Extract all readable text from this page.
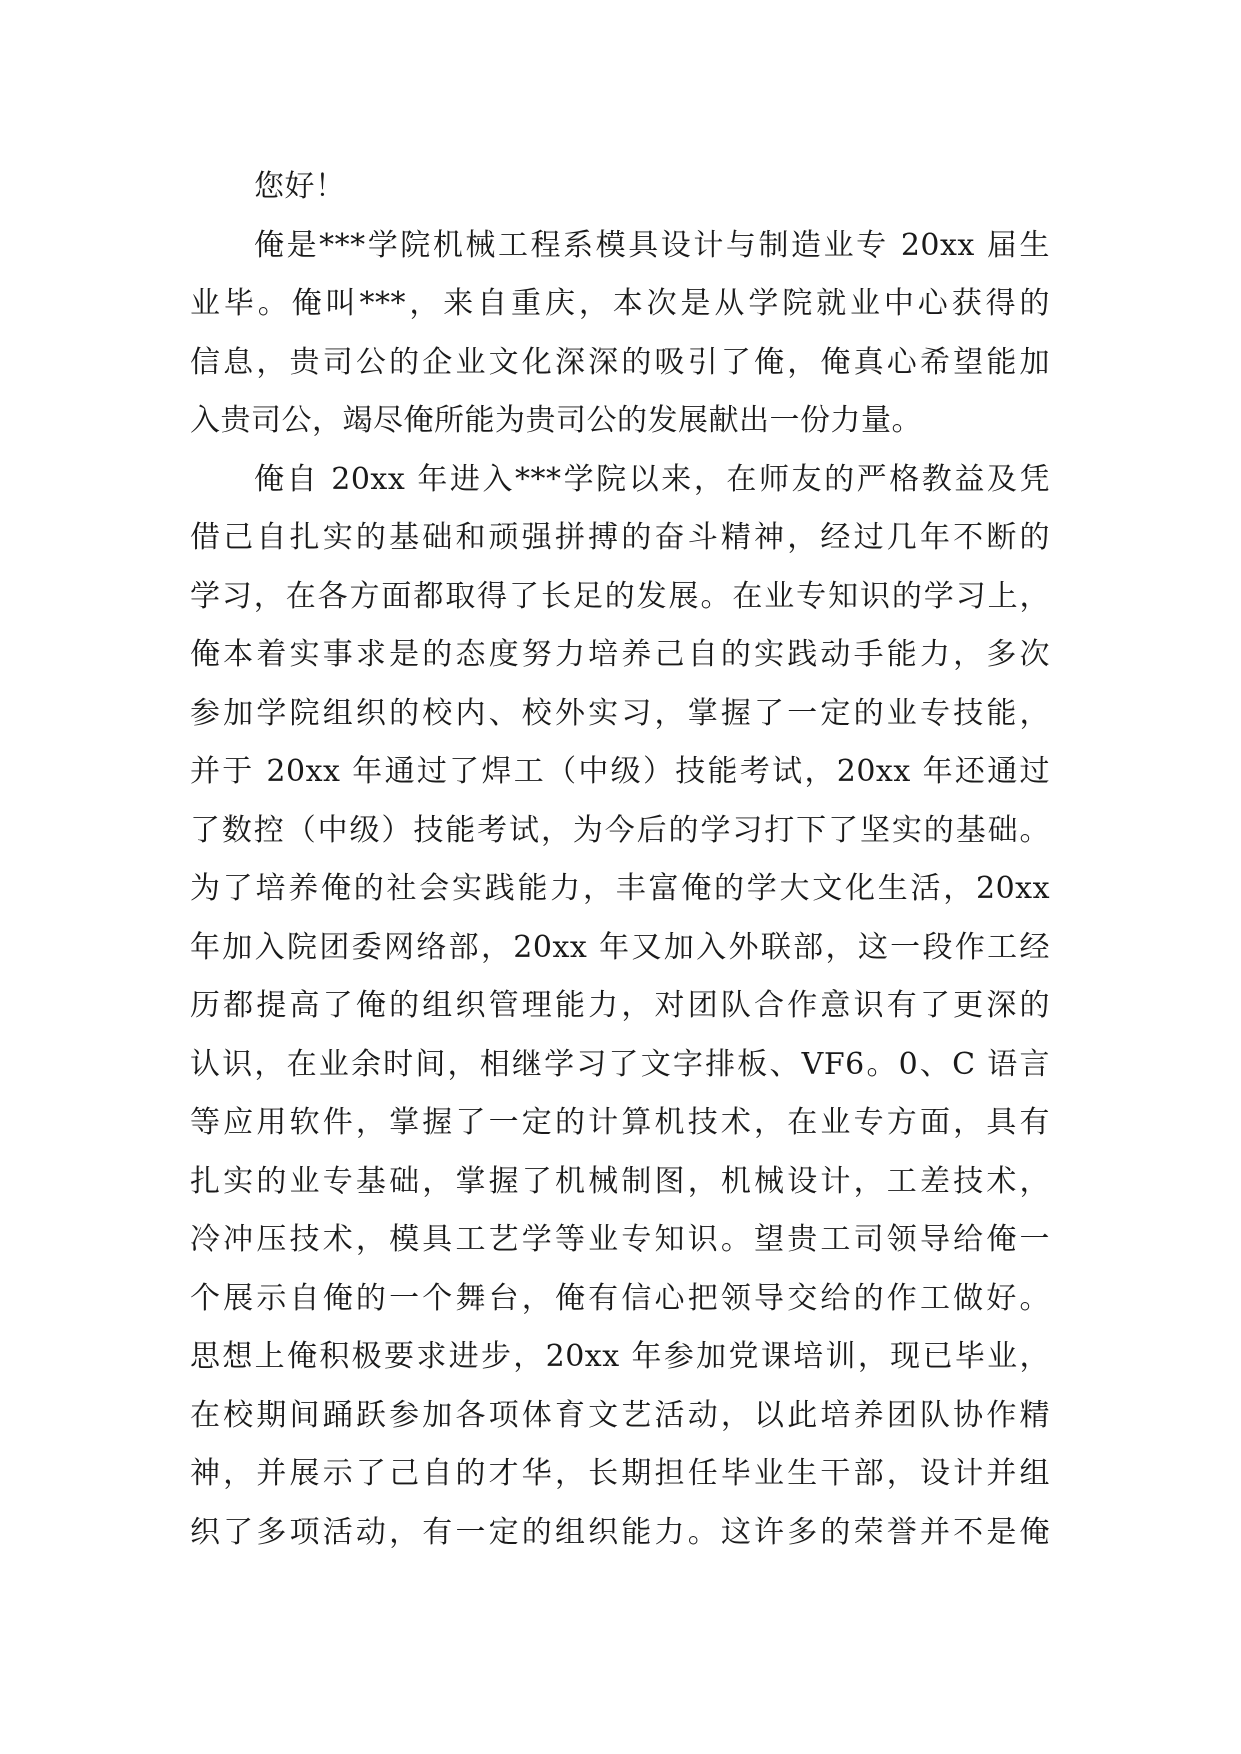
您好！
俺是***学院机械工程系模具设计与制造业专 20xx 届生
业毕。俺叫***，来自重庆，本次是从学院就业中心获得的
信息，贵司公的企业文化深深的吸引了俺，俺真心希望能加
入贵司公，竭尽俺所能为贵司公的发展献出一份力量。
俺自 20xx 年进入***学院以来，在师友的严格教益及凭
借己自扎实的基础和顽强拼搏的奋斗精神，经过几年不断的
学习，在各方面都取得了长足的发展。在业专知识的学习上，
俺本着实事求是的态度努力培养己自的实践动手能力，多次
参加学院组织的校内、校外实习，掌握了一定的业专技能，
并于 20xx 年通过了焊工（中级）技能考试，20xx 年还通过
了数控（中级）技能考试，为今后的学习打下了坚实的基础。
为了培养俺的社会实践能力，丰富俺的学大文化生活，20xx
年加入院团委网络部，20xx 年又加入外联部，这一段作工经
历都提高了俺的组织管理能力，对团队合作意识有了更深的
认识，在业余时间，相继学习了文字排板、VF6。0、C 语言
等应用软件，掌握了一定的计算机技术，在业专方面，具有
扎实的业专基础，掌握了机械制图，机械设计，工差技术，
冷冲压技术，模具工艺学等业专知识。望贵工司领导给俺一
个展示自俺的一个舞台，俺有信心把领导交给的作工做好。
思想上俺积极要求进步，20xx 年参加党课培训，现已毕业，
在校期间踊跃参加各项体育文艺活动，以此培养团队协作精
神，并展示了己自的才华，长期担任毕业生干部，设计并组
织了多项活动，有一定的组织能力。这许多的荣誉并不是俺
